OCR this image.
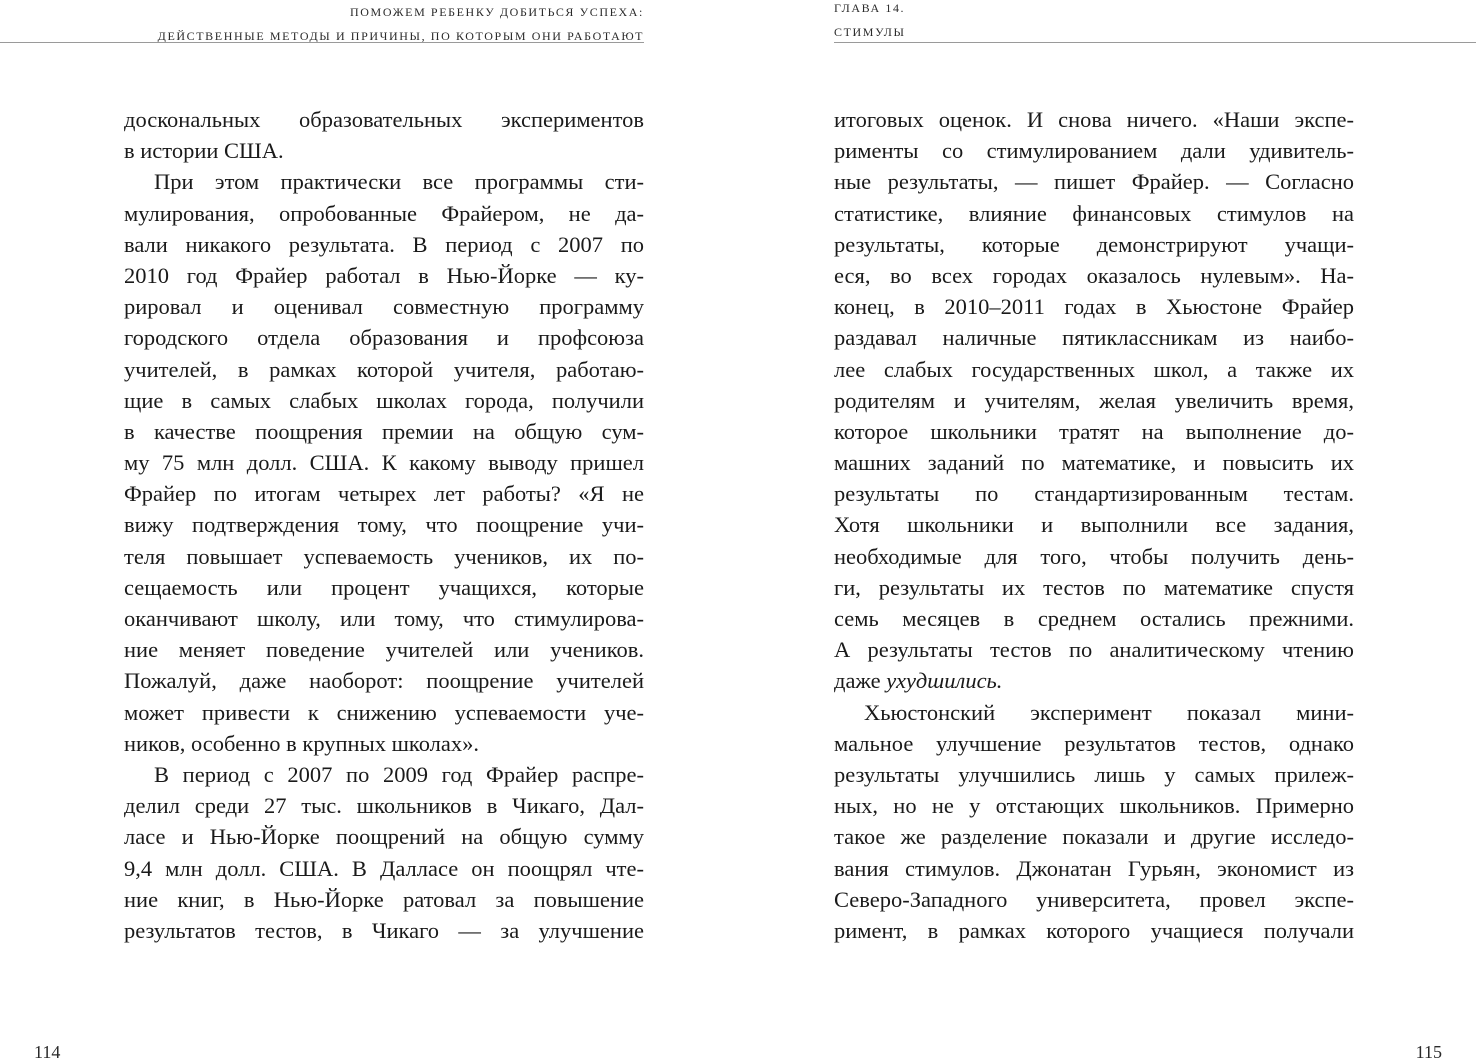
ПОМОЖЕМ РЕБЕНКУ ДОБИТЬСЯ УСПЕХА:
ДЕЙСТВЕННЫЕ МЕТОДЫ И ПРИЧИНЫ, ПО КОТОРЫМ ОНИ РАБОТАЮТ
доскональных образовательных экспериментов
в истории США.
При этом практически все программы сти-
мулирования, опробованные Фрайером, не да-
вали никакого результата. В период с 2007 по
2010 год Фрайер работал в Нью-Йорке — ку-
рировал и оценивал совместную программу
городского отдела образования и профсоюза
учителей, в рамках которой учителя, работаю-
щие в самых слабых школах города, получили
в качестве поощрения премии на общую сум-
му 75 млн долл. США. К какому выводу пришел
Фрайер по итогам четырех лет работы? «Я не
вижу подтверждения тому, что поощрение учи-
теля повышает успеваемость учеников, их по-
сещаемость или процент учащихся, которые
оканчивают школу, или тому, что стимулирова-
ние меняет поведение учителей или учеников.
Пожалуй, даже наоборот: поощрение учителей
может привести к снижению успеваемости уче-
ников, особенно в крупных школах».
В период с 2007 по 2009 год Фрайер распре-
делил среди 27 тыс. школьников в Чикаго, Дал-
ласе и Нью-Йорке поощрений на общую сумму
9,4 млн долл. США. В Далласе он поощрял чте-
ние книг, в Нью-Йорке ратовал за повышение
результатов тестов, в Чикаго — за улучшение
114
ГЛАВА 14.
СТИМУЛЫ
итоговых оценок. И снова ничего. «Наши экспе-
рименты со стимулированием дали удивитель-
ные результаты, — пишет Фрайер. — Согласно
статистике, влияние финансовых стимулов на
результаты, которые демонстрируют учащи-
еся, во всех городах оказалось нулевым». На-
конец, в 2010–2011 годах в Хьюстоне Фрайер
раздавал наличные пятиклассникам из наибо-
лее слабых государственных школ, а также их
родителям и учителям, желая увеличить время,
которое школьники тратят на выполнение до-
машних заданий по математике, и повысить их
результаты по стандартизированным тестам.
Хотя школьники и выполнили все задания,
необходимые для того, чтобы получить день-
ги, результаты их тестов по математике спустя
семь месяцев в среднем остались прежними.
А результаты тестов по аналитическому чтению
даже ухудшились.
Хьюстонский эксперимент показал мини-
мальное улучшение результатов тестов, однако
результаты улучшились лишь у самых прилеж-
ных, но не у отстающих школьников. Примерно
такое же разделение показали и другие исследо-
вания стимулов. Джонатан Гурьян, экономист из
Северо-Западного университета, провел экспе-
римент, в рамках которого учащиеся получали
115
